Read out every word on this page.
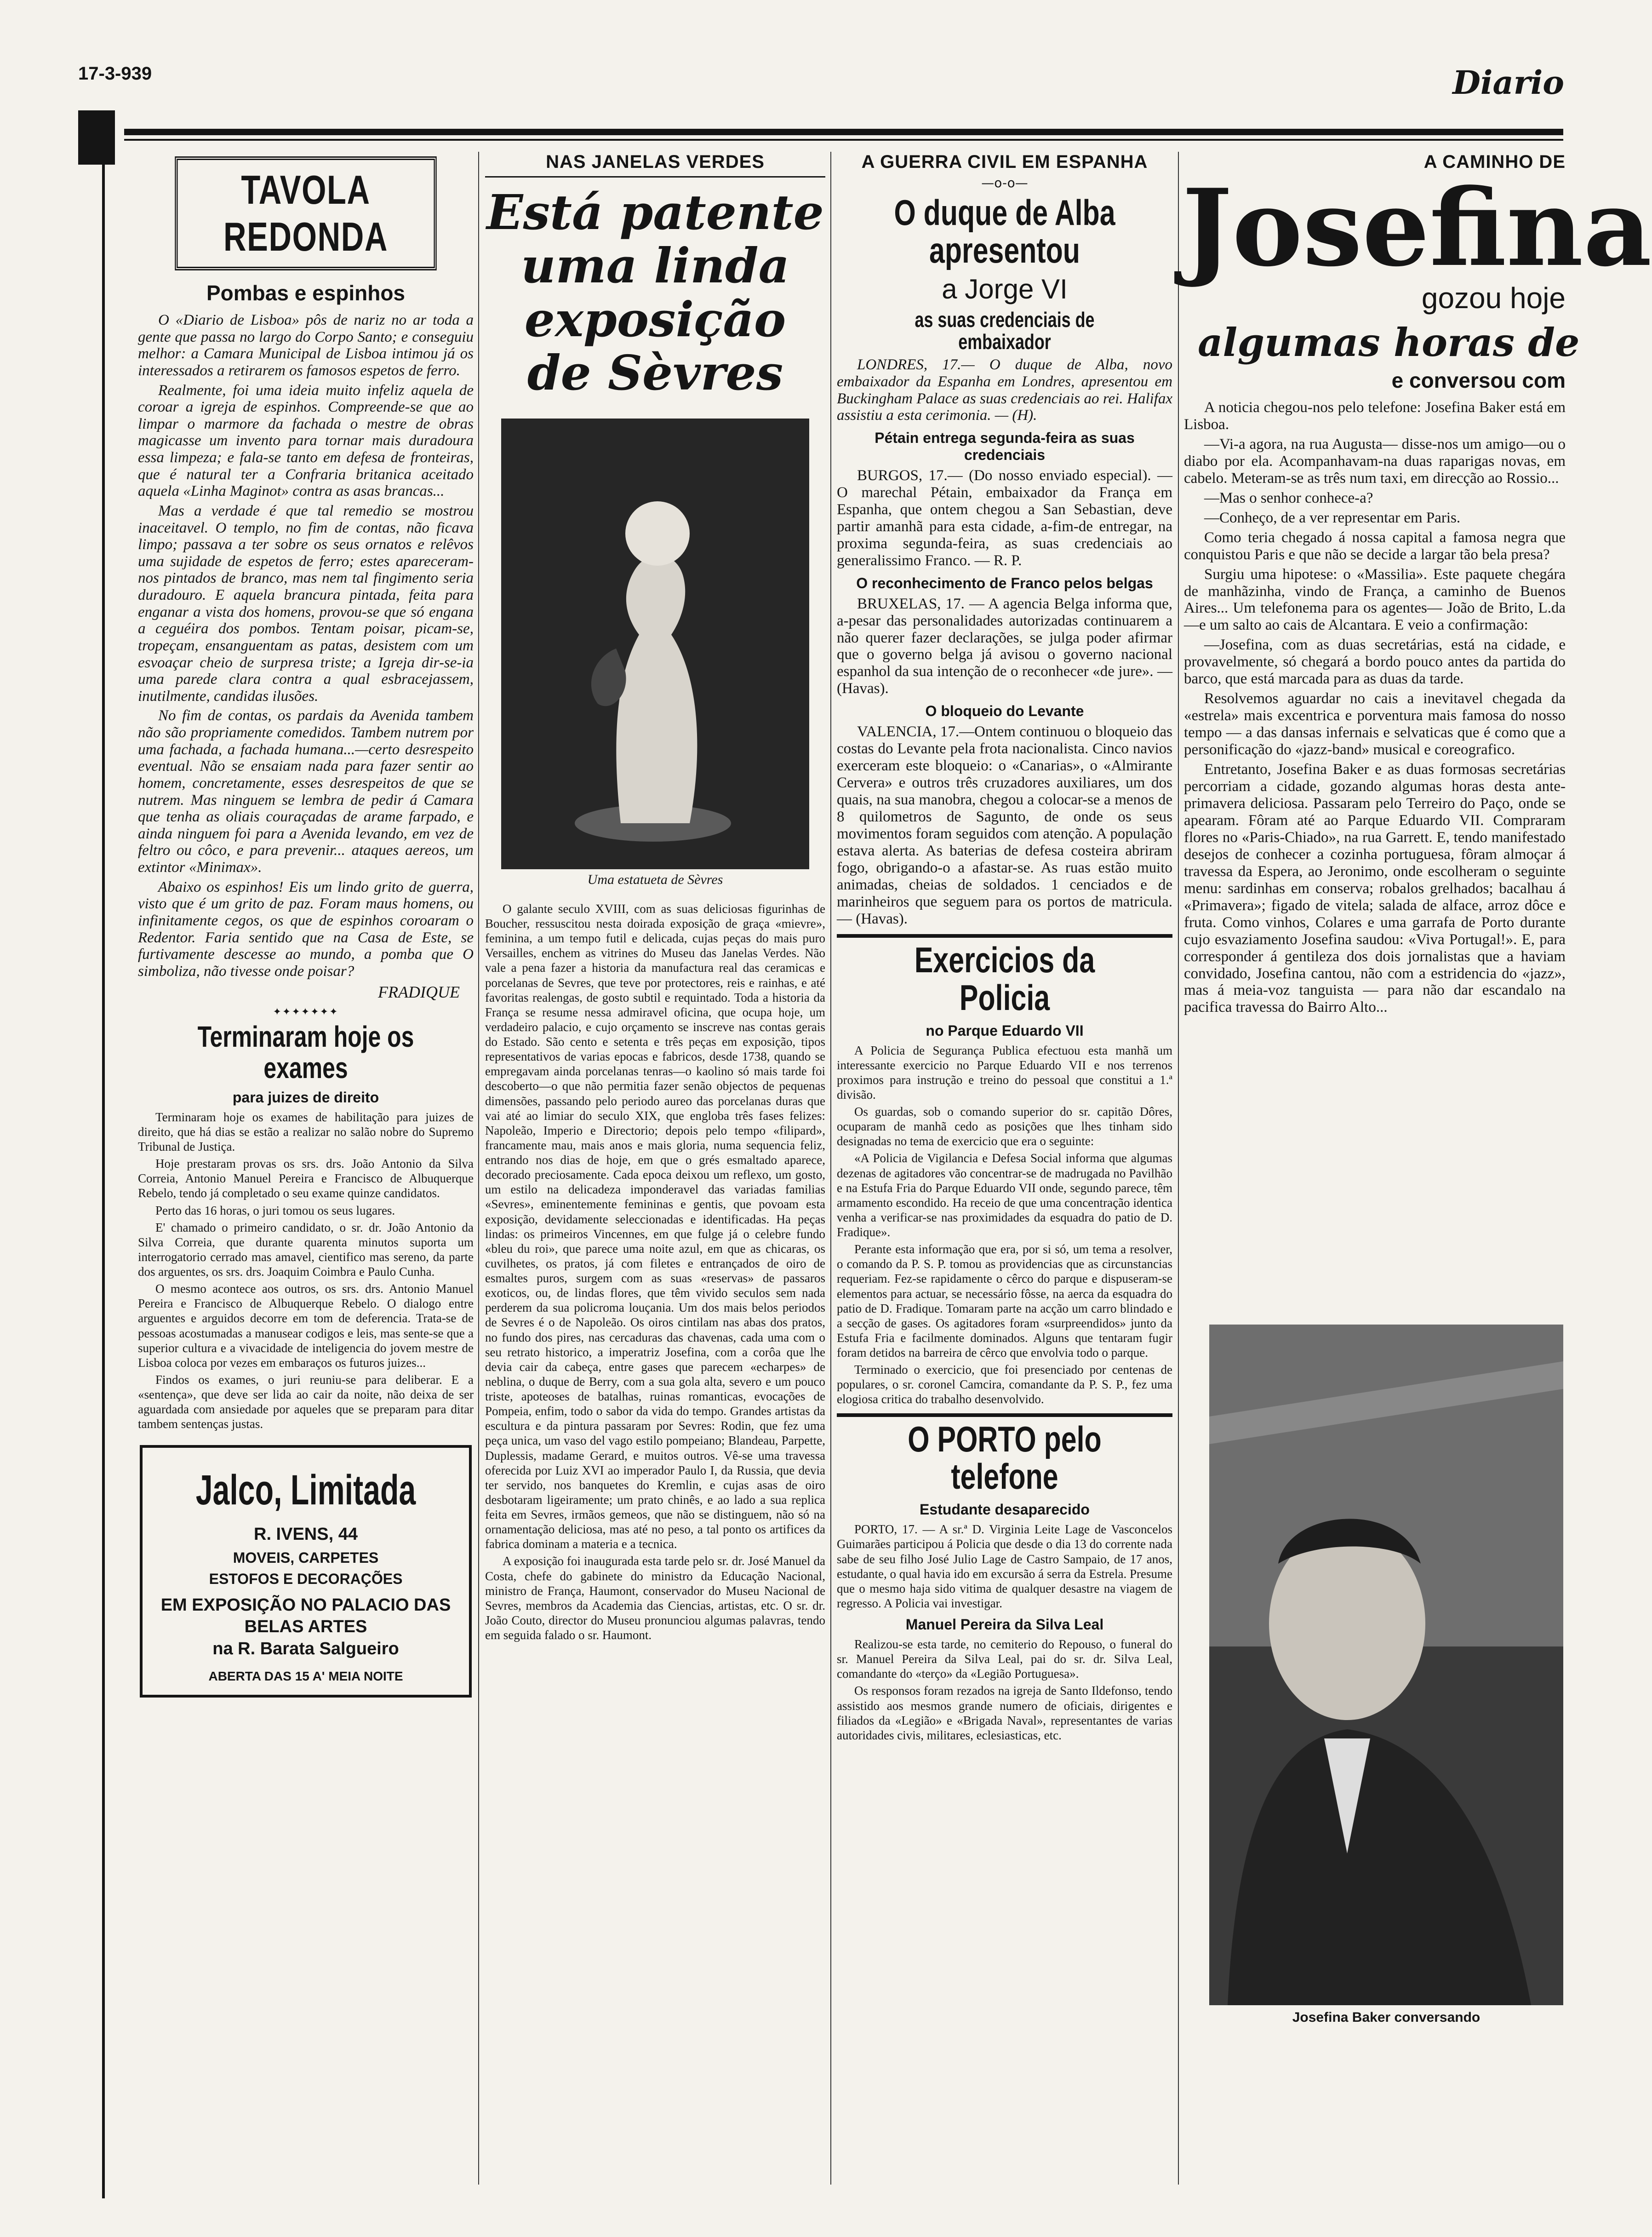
17-3-939	Diario
TAVOLA REDONDA
Pombas e espinhos

O «Diario de Lisboa» pôs de nariz no ar toda a gente que passa no largo do Corpo Santo; e conseguiu melhor: a Camara Municipal de Lisboa intimou já os interessados a retirarem os famosos espetos de ferro.

Realmente, foi uma ideia muito infeliz aquela de coroar a igreja de espinhos. Compreende-se que ao limpar o marmore da fachada o mestre de obras magicasse um invento para tornar mais duradoura essa limpeza; e fala-se tanto em defesa de fronteiras, que é natural ter a Confraria britanica aceitado aquela «Linha Maginot» contra as asas brancas...

Mas a verdade é que tal remedio se mostrou inaceitavel. O templo, no fim de contas, não ficava limpo; passava a ter sobre os seus ornatos e relêvos uma sujidade de espetos de ferro; estes apareceram-nos pintados de branco, mas nem tal fingimento seria duradouro. E aquela brancura pintada, feita para enganar a vista dos homens, provou-se que só engana a ceguéira dos pombos. Tentam poisar, picam-se, tropeçam, ensanguentam as patas, desistem com um esvoaçar cheio de surpresa triste; a Igreja dir-se-ia uma parede clara contra a qual esbracejassem, inutilmente, candidas ilusões.

No fim de contas, os pardais da Avenida tambem não são propriamente comedidos. Tambem nutrem por uma fachada, a fachada humana...—certo desrespeito eventual. Não se ensaiam nada para fazer sentir ao homem, concretamente, esses desrespeitos de que se nutrem. Mas ninguem se lembra de pedir á Camara que tenha as oliais couraçadas de arame farpado, e ainda ninguem foi para a Avenida levando, em vez de feltro ou côco, e para prevenir... ataques aereos, um extintor «Minimax».

Abaixo os espinhos! Eis um lindo grito de guerra, visto que é um grito de paz. Foram maus homens, ou infinitamente cegos, os que de espinhos coroaram o Redentor. Faria sentido que na Casa de Este, se furtivamente descesse ao mundo, a pomba que O simboliza, não tivesse onde poisar?

FRADIQUE
✦✦✦✦✦✦✦
Terminaram hoje os exames
para juizes de direito

Terminaram hoje os exames de habilitação para juizes de direito, que há dias se estão a realizar no salão nobre do Supremo Tribunal de Justiça.

Hoje prestaram provas os srs. drs. João Antonio da Silva Correia, Antonio Manuel Pereira e Francisco de Albuquerque Rebelo, tendo já completado o seu exame quinze candidatos.

Perto das 16 horas, o juri tomou os seus lugares.

E' chamado o primeiro candidato, o sr. dr. João Antonio da Silva Correia, que durante quarenta minutos suporta um interrogatorio cerrado mas amavel, cientifico mas sereno, da parte dos arguentes, os srs. drs. Joaquim Coimbra e Paulo Cunha.

O mesmo acontece aos outros, os srs. drs. Antonio Manuel Pereira e Francisco de Albuquerque Rebelo. O dialogo entre arguentes e arguidos decorre em tom de deferencia. Trata-se de pessoas acostumadas a manusear codigos e leis, mas sente-se que a superior cultura e a vivacidade de inteligencia do jovem mestre de Lisboa coloca por vezes em embaraços os futuros juizes...

Findos os exames, o juri reuniu-se para deliberar. E a «sentença», que deve ser lida ao cair da noite, não deixa de ser aguardada com ansiedade por aqueles que se preparam para ditar tambem sentenças justas.

Jalco, Limitada
R. IVENS, 44
MOVEIS, CARPETES
ESTOFOS E DECORAÇÕES
EM EXPOSIÇÃO NO PALACIO DAS BELAS ARTES
na R. Barata Salgueiro
ABERTA DAS 15 A' MEIA NOITE
NAS JANELAS VERDES
Está patente uma linda exposição de Sèvres
Uma estatueta de Sèvres

O galante seculo XVIII, com as suas deliciosas figurinhas de Boucher, ressuscitou nesta doirada exposição de graça «mievre», feminina, a um tempo futil e delicada, cujas peças do mais puro Versailles, enchem as vitrines do Museu das Janelas Verdes. Não vale a pena fazer a historia da manufactura real das ceramicas e porcelanas de Sevres, que teve por protectores, reis e rainhas, e até favoritas realengas, de gosto subtil e requintado. Toda a historia da França se resume nessa admiravel oficina, que ocupa hoje, um verdadeiro palacio, e cujo orçamento se inscreve nas contas gerais do Estado. São cento e setenta e três peças em exposição, tipos representativos de varias epocas e fabricos, desde 1738, quando se empregavam ainda porcelanas tenras—o kaolino só mais tarde foi descoberto—o que não permitia fazer senão objectos de pequenas dimensões, passando pelo periodo aureo das porcelanas duras que vai até ao limiar do seculo XIX, que engloba três fases felizes: Napoleão, Imperio e Directorio; depois pelo tempo «filipard», francamente mau, mais anos e mais gloria, numa sequencia feliz, entrando nos dias de hoje, em que o grés esmaltado aparece, decorado preciosamente. Cada epoca deixou um reflexo, um gosto, um estilo na delicadeza imponderavel das variadas familias «Sevres», eminentemente femininas e gentis, que povoam esta exposição, devidamente seleccionadas e identificadas. Ha peças lindas: os primeiros Vincennes, em que fulge já o celebre fundo «bleu du roi», que parece uma noite azul, em que as chicaras, os cuvilhetes, os pratos, já com filetes e entrançados de oiro de esmaltes puros, surgem com as suas «reservas» de passaros exoticos, ou, de lindas flores, que têm vivido seculos sem nada perderem da sua policroma louçania. Um dos mais belos periodos de Sevres é o de Napoleão. Os oiros cintilam nas abas dos pratos, no fundo dos pires, nas cercaduras das chavenas, cada uma com o seu retrato historico, a imperatriz Josefina, com a corôa que lhe devia cair da cabeça, entre gases que parecem «echarpes» de neblina, o duque de Berry, com a sua gola alta, severo e um pouco triste, apoteoses de batalhas, ruinas romanticas, evocações de Pompeia, enfim, todo o sabor da vida do tempo. Grandes artistas da escultura e da pintura passaram por Sevres: Rodin, que fez uma peça unica, um vaso del vago estilo pompeiano; Blandeau, Parpette, Duplessis, madame Gerard, e muitos outros. Vê-se uma travessa oferecida por Luiz XVI ao imperador Paulo I, da Russia, que devia ter servido, nos banquetes do Kremlin, e cujas asas de oiro desbotaram ligeiramente; um prato chinês, e ao lado a sua replica feita em Sevres, irmãos gemeos, que não se distinguem, não só na ornamentação deliciosa, mas até no peso, a tal ponto os artifices da fabrica dominam a materia e a tecnica.

A exposição foi inaugurada esta tarde pelo sr. dr. José Manuel da Costa, chefe do gabinete do ministro da Educação Nacional, ministro de França, Haumont, conservador do Museu Nacional de Sevres, membros da Academia das Ciencias, artistas, etc. O sr. dr. João Couto, director do Museu pronunciou algumas palavras, tendo em seguida falado o sr. Haumont.

A GUERRA CIVIL EM ESPANHA
—o-o—
O duque de Alba apresentou
a Jorge VI
as suas credenciais de embaixador

LONDRES, 17.— O duque de Alba, novo embaixador da Espanha em Londres, apresentou em Buckingham Palace as suas credenciais ao rei. Halifax assistiu a esta cerimonia. — (H).

Pétain entrega segunda-feira as suas credenciais

BURGOS, 17.— (Do nosso enviado especial). — O marechal Pétain, embaixador da França em Espanha, que ontem chegou a San Sebastian, deve partir amanhã para esta cidade, a-fim-de entregar, na proxima segunda-feira, as suas credenciais ao generalissimo Franco. — R. P.

O reconhecimento de Franco pelos belgas

BRUXELAS, 17. — A agencia Belga informa que, a-pesar das personalidades autorizadas continuarem a não querer fazer declarações, se julga poder afirmar que o governo belga já avisou o governo nacional espanhol da sua intenção de o reconhecer «de jure». — (Havas).

O bloqueio do Levante

VALENCIA, 17.—Ontem continuou o bloqueio das costas do Levante pela frota nacionalista. Cinco navios exerceram este bloqueio: o «Canarias», o «Almirante Cervera» e outros três cruzadores auxiliares, um dos quais, na sua manobra, chegou a colocar-se a menos de 8 quilometros de Sagunto, de onde os seus movimentos foram seguidos com atenção. A população estava alerta. As baterias de defesa costeira abriram fogo, obrigando-o a afastar-se. As ruas estão muito animadas, cheias de soldados. 1 cenciados e de marinheiros que seguem para os portos de matricula. — (Havas).

Exercicios da Policia
no Parque Eduardo VII

A Policia de Segurança Publica efectuou esta manhã um interessante exercicio no Parque Eduardo VII e nos terrenos proximos para instrução e treino do pessoal que constitui a 1.ª divisão.

Os guardas, sob o comando superior do sr. capitão Dôres, ocuparam de manhã cedo as posições que lhes tinham sido designadas no tema de exercicio que era o seguinte:

«A Policia de Vigilancia e Defesa Social informa que algumas dezenas de agitadores vão concentrar-se de madrugada no Pavilhão e na Estufa Fria do Parque Eduardo VII onde, segundo parece, têm armamento escondido. Ha receio de que uma concentração identica venha a verificar-se nas proximidades da esquadra do patio de D. Fradique».

Perante esta informação que era, por si só, um tema a resolver, o comando da P. S. P. tomou as providencias que as circunstancias requeriam. Fez-se rapidamente o cêrco do parque e dispuseram-se elementos para actuar, se necessário fôsse, na aerca da esquadra do patio de D. Fradique. Tomaram parte na acção um carro blindado e a secção de gases. Os agitadores foram «surpreendidos» junto da Estufa Fria e facilmente dominados. Alguns que tentaram fugir foram detidos na barreira de cêrco que envolvia todo o parque.

Terminado o exercicio, que foi presenciado por centenas de populares, o sr. coronel Camcira, comandante da P. S. P., fez uma elogiosa critica do trabalho desenvolvido.

O PORTO pelo telefone
Estudante desaparecido

PORTO, 17. — A sr.ª D. Virginia Leite Lage de Vasconcelos Guimarães participou á Policia que desde o dia 13 do corrente nada sabe de seu filho José Julio Lage de Castro Sampaio, de 17 anos, estudante, o qual havia ido em excursão á serra da Estrela. Presume que o mesmo haja sido vitima de qualquer desastre na viagem de regresso. A Policia vai investigar.

Manuel Pereira da Silva Leal

Realizou-se esta tarde, no cemiterio do Repouso, o funeral do sr. Manuel Pereira da Silva Leal, pai do sr. dr. Silva Leal, comandante do «terço» da «Legião Portuguesa».

Os responsos foram rezados na igreja de Santo Ildefonso, tendo assistido aos mesmos grande numero de oficiais, dirigentes e filiados da «Legião» e «Brigada Naval», representantes de varias autoridades civis, militares, eclesiasticas, etc.

A CAMINHO DE
Josefina
gozou hoje
algumas horas de
e conversou com

A noticia chegou-nos pelo telefone: Josefina Baker está em Lisboa.

—Vi-a agora, na rua Augusta— disse-nos um amigo—ou o diabo por ela. Acompanhavam-na duas raparigas novas, em cabelo. Meteram-se as três num taxi, em direcção ao Rossio...

—Mas o senhor conhece-a?

—Conheço, de a ver representar em Paris.

Como teria chegado á nossa capital a famosa negra que conquistou Paris e que não se decide a largar tão bela presa?

Surgiu uma hipotese: o «Massilia». Este paquete chegára de manhãzinha, vindo de França, a caminho de Buenos Aires... Um telefonema para os agentes— João de Brito, L.da —e um salto ao cais de Alcantara. E veio a confirmação:

—Josefina, com as duas secretárias, está na cidade, e provavelmente, só chegará a bordo pouco antes da partida do barco, que está marcada para as duas da tarde.

Resolvemos aguardar no cais a inevitavel chegada da «estrela» mais excentrica e porventura mais famosa do nosso tempo — a das dansas infernais e selvaticas que é como que a personificação do «jazz-band» musical e coreografico.

Entretanto, Josefina Baker e as duas formosas secretárias percorriam a cidade, gozando algumas horas desta ante-primavera deliciosa. Passaram pelo Terreiro do Paço, onde se apearam. Fôram até ao Parque Eduardo VII. Compraram flores no «Paris-Chiado», na rua Garrett. E, tendo manifestado desejos de conhecer a cozinha portuguesa, fôram almoçar á travessa da Espera, ao Jeronimo, onde escolheram o seguinte menu: sardinhas em conserva; robalos grelhados; bacalhau á «Primavera»; figado de vitela; salada de alface, arroz dôce e fruta. Como vinhos, Colares e uma garrafa de Porto durante cujo esvaziamento Josefina saudou: «Viva Portugal!». E, para corresponder á gentileza dos dois jornalistas que a haviam convidado, Josefina cantou, não com a estridencia do «jazz», mas á meia-voz tanguista — para não dar escandalo na pacifica travessa do Bairro Alto...

Josefina Baker conversando
